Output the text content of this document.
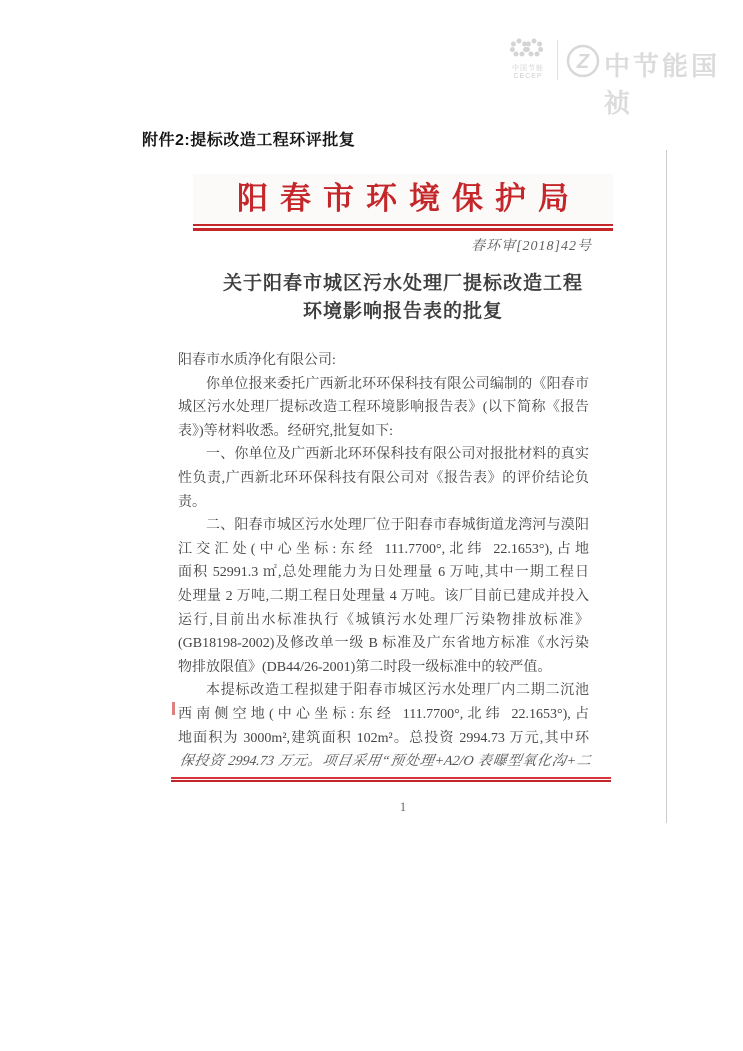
中国节能
CECEP
Z 中节能国祯
附件2:提标改造工程环评批复
阳春市环境保护局
春环审[2018]42号
关于阳春市城区污水处理厂提标改造工程
环境影响报告表的批复
阳春市水质净化有限公司:
你单位报来委托广西新北环环保科技有限公司编制的《阳春市
城区污水处理厂提标改造工程环境影响报告表》(以下简称《报告
表》)等材料收悉。经研究,批复如下:
一、你单位及广西新北环环保科技有限公司对报批材料的真实
性负责,广西新北环环保科技有限公司对《报告表》的评价结论负
责。
二、阳春市城区污水处理厂位于阳春市春城街道龙湾河与漠阳
江交汇处(中心坐标:东经 111.7700°,北纬 22.1653°),占地
面积 52991.3 ㎡,总处理能力为日处理量 6 万吨,其中一期工程日
处理量 2 万吨,二期工程日处理量 4 万吨。该厂目前已建成并投入
运行,目前出水标准执行《城镇污水处理厂污染物排放标准》
(GB18198-2002)及修改单一级 B 标准及广东省地方标准《水污染
物排放限值》(DB44/26-2001)第二时段一级标准中的较严值。
本提标改造工程拟建于阳春市城区污水处理厂内二期二沉池
西南侧空地(中心坐标:东经 111.7700°,北纬 22.1653°),占
地面积为 3000m²,建筑面积 102m²。总投资 2994.73 万元,其中环
保投资 2994.73 万元。项目采用“预处理+A2/O 表曝型氧化沟+二
1
